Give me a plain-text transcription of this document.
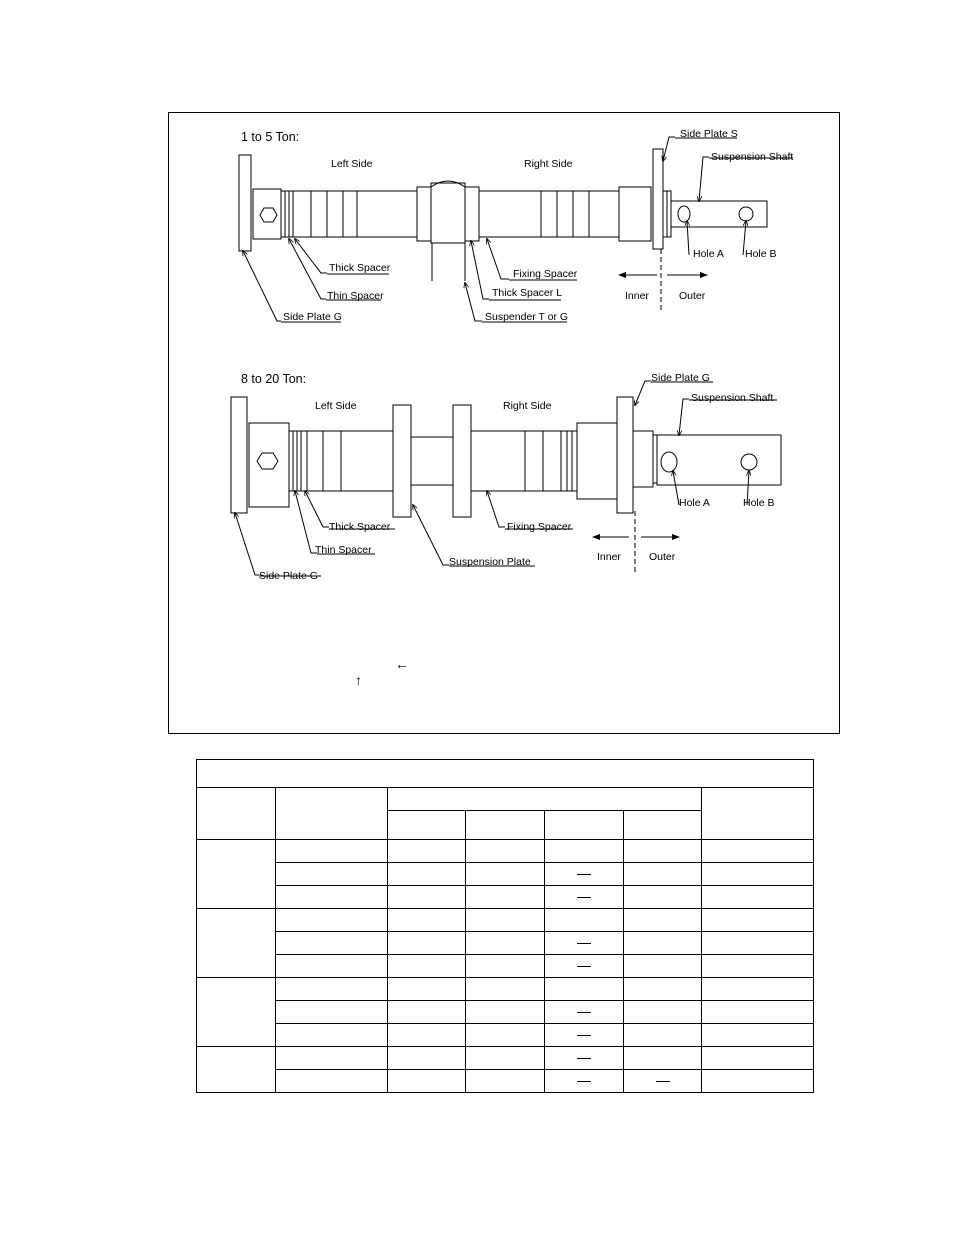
1 to 5 Ton:
Left Side	Right Side
Side Plate S
Suspension Shaft
Hole A Hole B
Thick Spacer
Thin Spacer
Side Plate G
Fixing Spacer
Thick Spacer L
Suspender T or G
Inner	Outer
8 to 20 Ton:
Left Side	Right Side
Side Plate G
Suspension Shaft
Hole A	Hole B
Thick Spacer
Thin Spacer
Side Plate G
Suspension Plate
Fixing Spacer
Inner	Outer
←
↑
